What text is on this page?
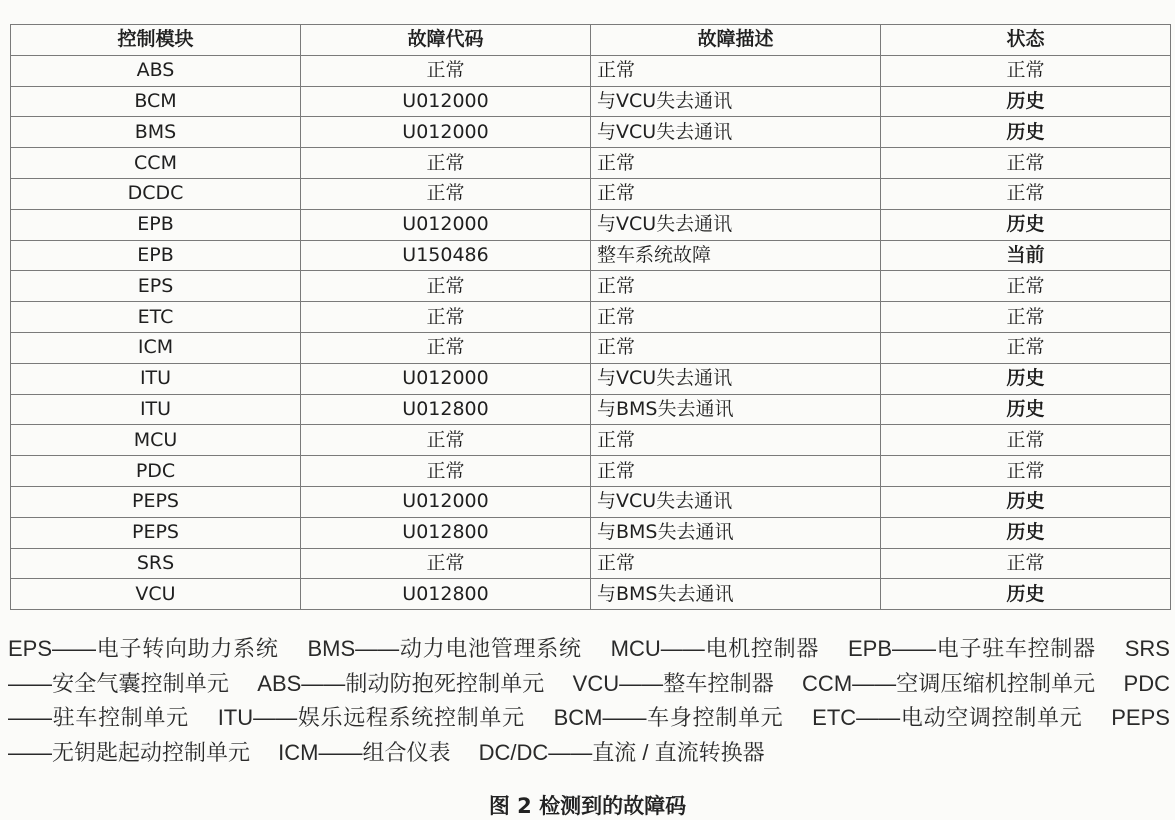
控制模块	故障代码	故障描述	状态
ABS	正常	正常	正常
BCM	U012000	与VCU失去通讯	历史
BMS	U012000	与VCU失去通讯	历史
CCM	正常	正常	正常
DCDC	正常	正常	正常
EPB	U012000	与VCU失去通讯	历史
EPB	U150486	整车系统故障	当前
EPS	正常	正常	正常
ETC	正常	正常	正常
ICM	正常	正常	正常
ITU	U012000	与VCU失去通讯	历史
ITU	U012800	与BMS失去通讯	历史
MCU	正常	正常	正常
PDC	正常	正常	正常
PEPS	U012000	与VCU失去通讯	历史
PEPS	U012800	与BMS失去通讯	历史
SRS	正常	正常	正常
VCU	U012800	与BMS失去通讯	历史
EPS——电子转向助力系统 BMS——动力电池管理系统 MCU——电机控制器 EPB——电子驻车控制器 SRS——安全气囊控制单元 ABS——制动防抱死控制单元 VCU——整车控制器 CCM——空调压缩机控制单元 PDC——驻车控制单元 ITU——娱乐远程系统控制单元 BCM——车身控制单元 ETC——电动空调控制单元 PEPS——无钥匙起动控制单元 ICM——组合仪表 DC/DC——直流 / 直流转换器
图 2 检测到的故障码
